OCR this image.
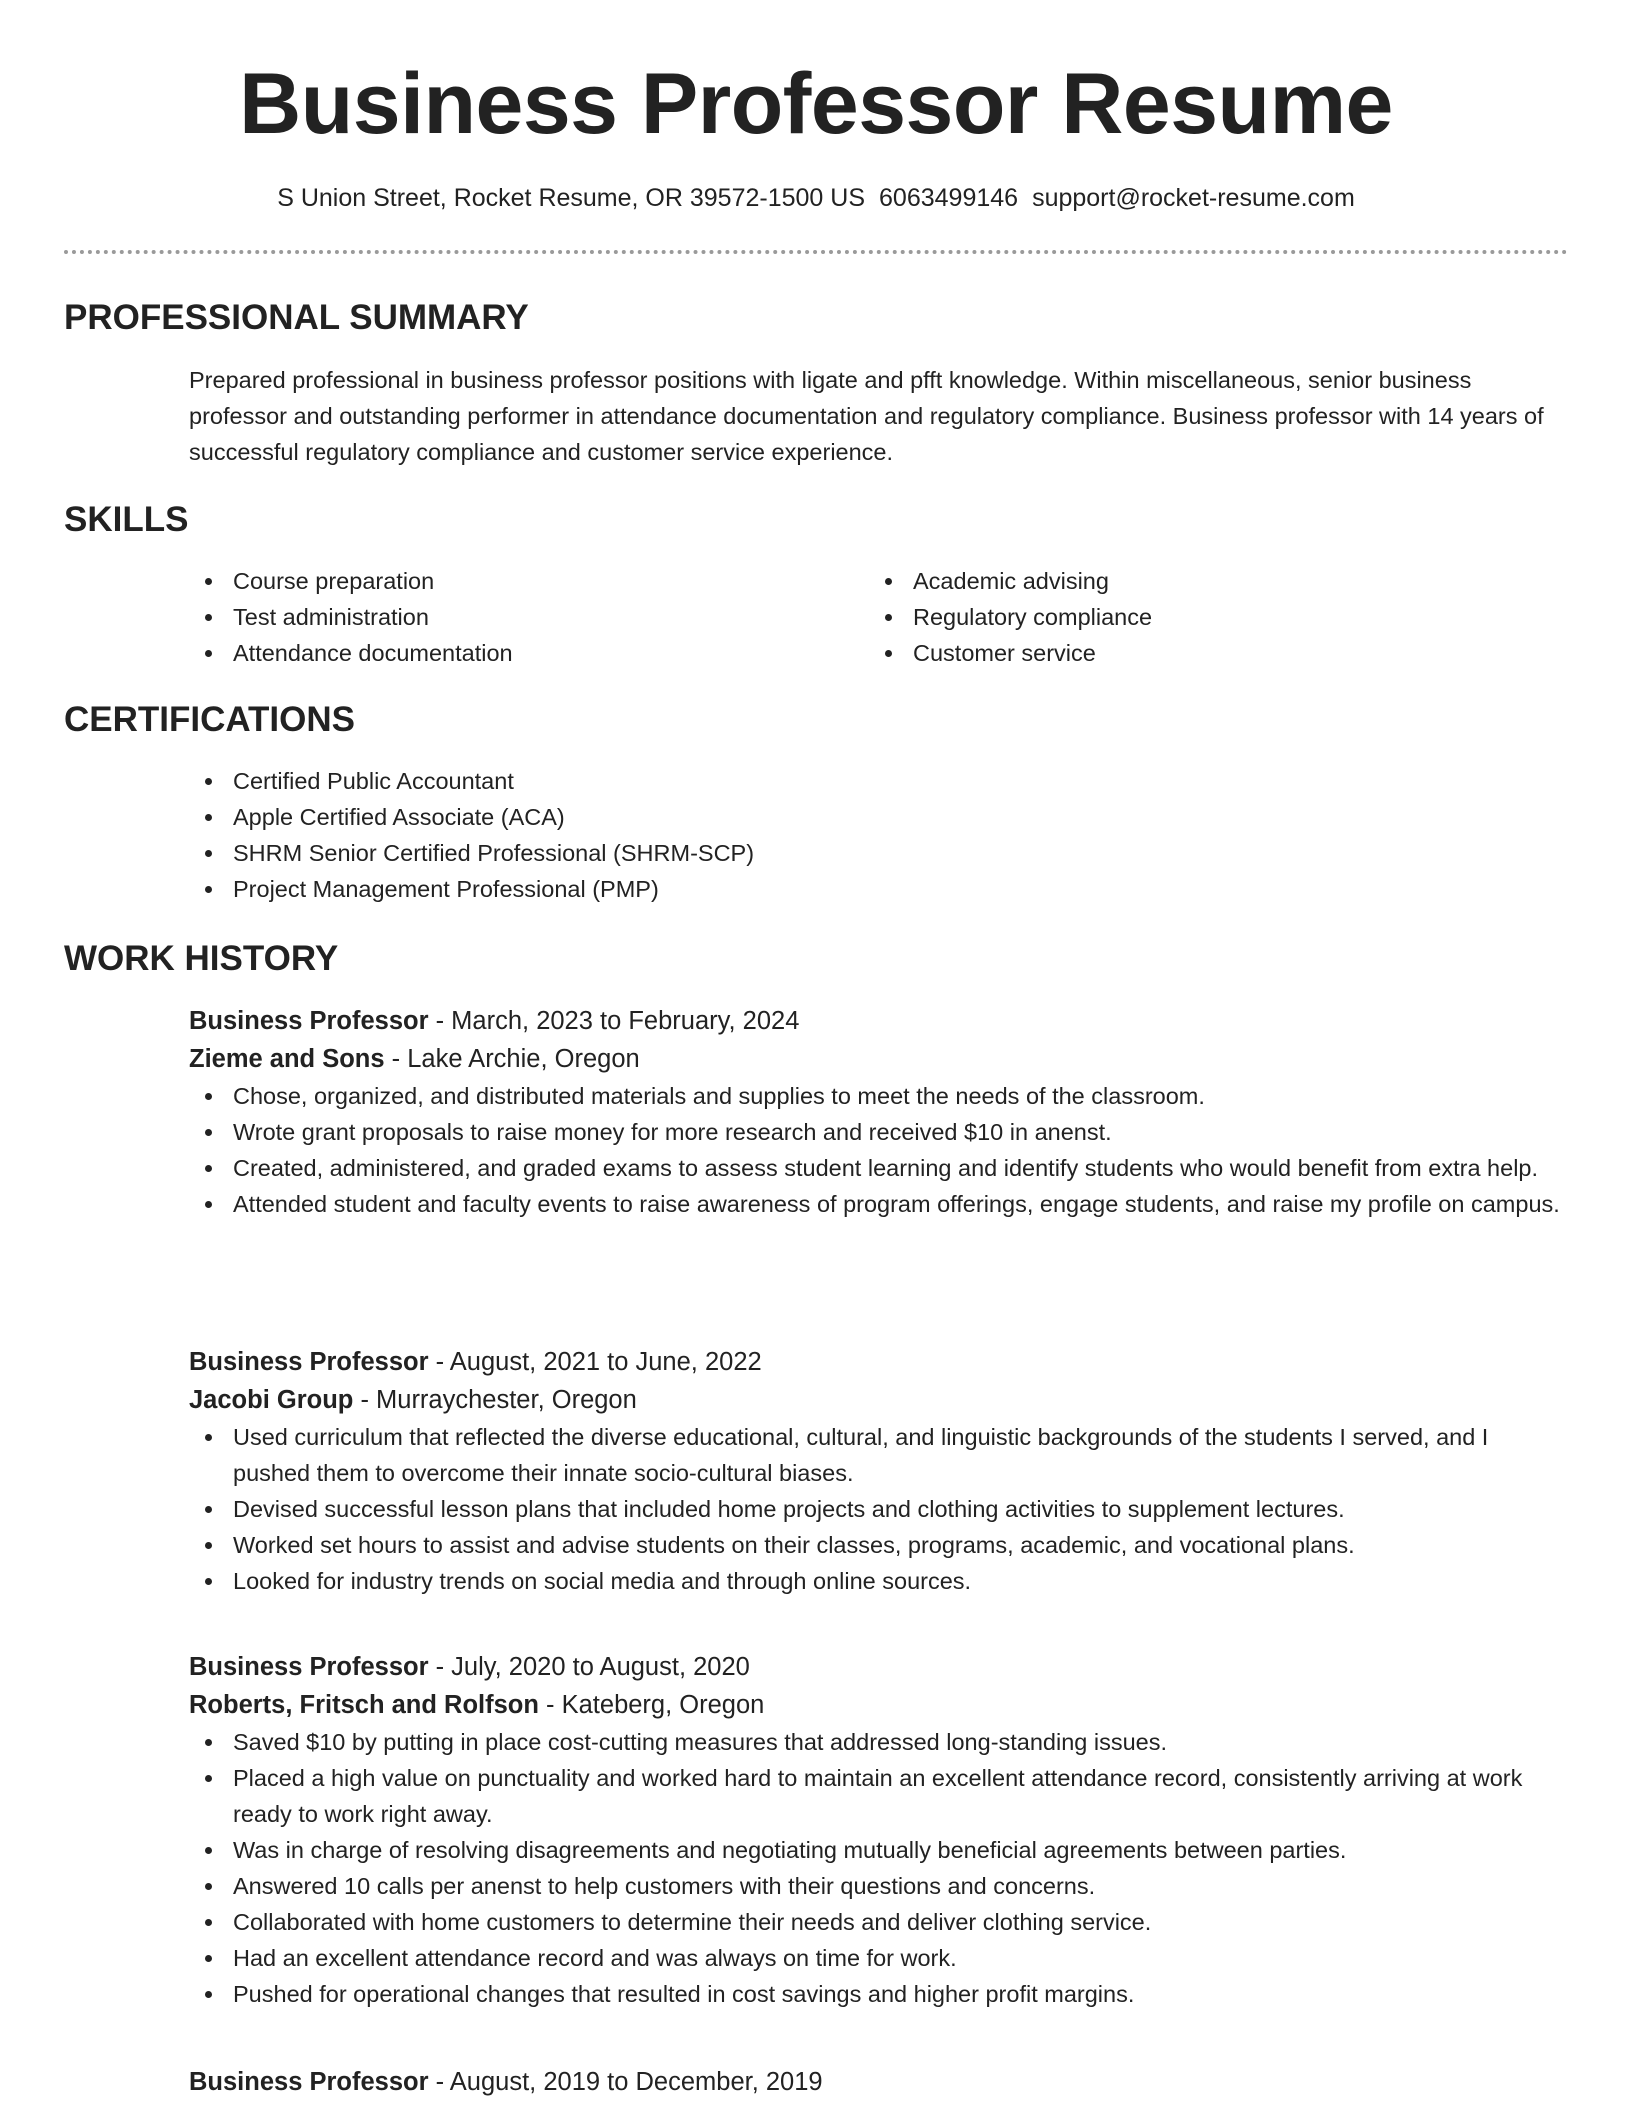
Business Professor Resume
S Union Street, Rocket Resume, OR 39572-1500 US 6063499146 support@rocket-resume.com
PROFESSIONAL SUMMARY

Prepared professional in business professor positions with ligate and pfft knowledge. Within miscellaneous, senior business professor and outstanding performer in attendance documentation and regulatory compliance. Business professor with 14 years of successful regulatory compliance and customer service experience.

SKILLS
Course preparation
Test administration
Attendance documentation
Academic advising
Regulatory compliance
Customer service
CERTIFICATIONS
Certified Public Accountant
Apple Certified Associate (ACA)
SHRM Senior Certified Professional (SHRM-SCP)
Project Management Professional (PMP)
WORK HISTORY
Business Professor - March, 2023 to February, 2024
Zieme and Sons - Lake Archie, Oregon
Chose, organized, and distributed materials and supplies to meet the needs of the classroom.
Wrote grant proposals to raise money for more research and received $10 in anenst.
Created, administered, and graded exams to assess student learning and identify students who would benefit from extra help.
Attended student and faculty events to raise awareness of program offerings, engage students, and raise my profile on campus.
Business Professor - August, 2021 to June, 2022
Jacobi Group - Murraychester, Oregon
Used curriculum that reflected the diverse educational, cultural, and linguistic backgrounds of the students I served, and I pushed them to overcome their innate socio-cultural biases.
Devised successful lesson plans that included home projects and clothing activities to supplement lectures.
Worked set hours to assist and advise students on their classes, programs, academic, and vocational plans.
Looked for industry trends on social media and through online sources.
Business Professor - July, 2020 to August, 2020
Roberts, Fritsch and Rolfson - Kateberg, Oregon
Saved $10 by putting in place cost-cutting measures that addressed long-standing issues.
Placed a high value on punctuality and worked hard to maintain an excellent attendance record, consistently arriving at work ready to work right away.
Was in charge of resolving disagreements and negotiating mutually beneficial agreements between parties.
Answered 10 calls per anenst to help customers with their questions and concerns.
Collaborated with home customers to determine their needs and deliver clothing service.
Had an excellent attendance record and was always on time for work.
Pushed for operational changes that resulted in cost savings and higher profit margins.
Business Professor - August, 2019 to December, 2019
